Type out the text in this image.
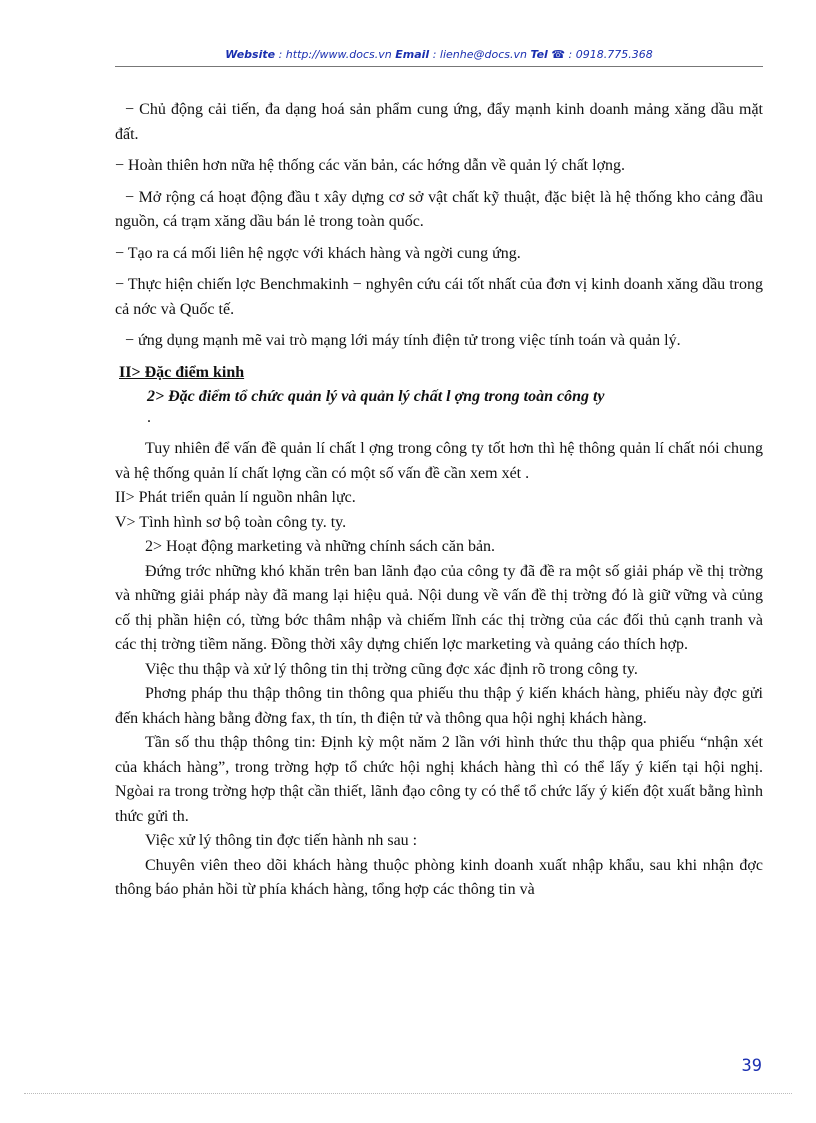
Website : http://www.docs.vn Email : lienhe@docs.vn Tel ☎ : 0918.775.368

− Chủ động cải tiến, đa dạng hoá sản phẩm cung ứng, đẩy mạnh kinh doanh mảng xăng dầu mặt đất.

− Hoàn thiên hơn nữa hệ thống các văn bản, các hớng dẫn về quản lý chất lợng.

− Mở rộng cá hoạt động đầu t xây dựng cơ sở vật chất kỹ thuật, đặc biệt là hệ thống kho cảng đầu nguồn, cá trạm xăng dầu bán lẻ trong toàn quốc.

− Tạo ra cá mối liên hệ ngợc với khách hàng và ngời cung ứng.

− Thực hiện chiến lợc Benchmakinh − nghyên cứu cái tốt nhất của đơn vị kinh doanh xăng dầu trong cả nớc và Quốc tế.

− ứng dụng mạnh mẽ vai trò mạng lới máy tính điện tử trong việc tính toán và quản lý.

II> Đặc điểm kinh

2> Đặc điểm tổ chức quản lý và quản lý chất l ợng trong toàn công ty

.

Tuy nhiên để vấn đề quản lí chất l ợng trong công ty tốt hơn thì hệ thông quản lí chất nói chung và hệ thống quản lí chất lợng cần có một số vấn đề cần xem xét .

II> Phát triển quản lí nguồn nhân lực.

V> Tình hình sơ bộ toàn công ty. ty.

2> Hoạt động marketing và những chính sách căn bản.

Đứng trớc những khó khăn trên ban lãnh đạo của công ty đã đề ra một số giải pháp về thị trờng và những giải pháp này đã mang lại hiệu quả. Nội dung về vấn đề thị trờng đó là giữ vững và củng cố thị phần hiện có, từng bớc thâm nhập và chiếm lĩnh các thị trờng của các đối thủ cạnh tranh và các thị trờng tiềm năng. Đồng thời xây dựng chiến lợc marketing và quảng cáo thích hợp.

Việc thu thập và xử lý thông tin thị trờng cũng đợc xác định rõ trong công ty.

Phơng pháp thu thập thông tin thông qua phiếu thu thập ý kiến khách hàng, phiếu này đợc gửi đến khách hàng bằng đờng fax, th tín, th điện tử và thông qua hội nghị khách hàng.

Tần số thu thập thông tin: Định kỳ một năm 2 lần với hình thức thu thập qua phiếu “nhận xét của khách hàng”, trong trờng hợp tổ chức hội nghị khách hàng thì có thể lấy ý kiến tại hội nghị. Ngòai ra trong trờng hợp thật cần thiết, lãnh đạo công ty có thể tổ chức lấy ý kiến đột xuất bằng hình thức gửi th.

Việc xử lý thông tin đợc tiến hành nh sau :

Chuyên viên theo dõi khách hàng thuộc phòng kinh doanh xuất nhập khẩu, sau khi nhận đợc thông báo phản hồi từ phía khách hàng, tổng hợp các thông tin và

39
